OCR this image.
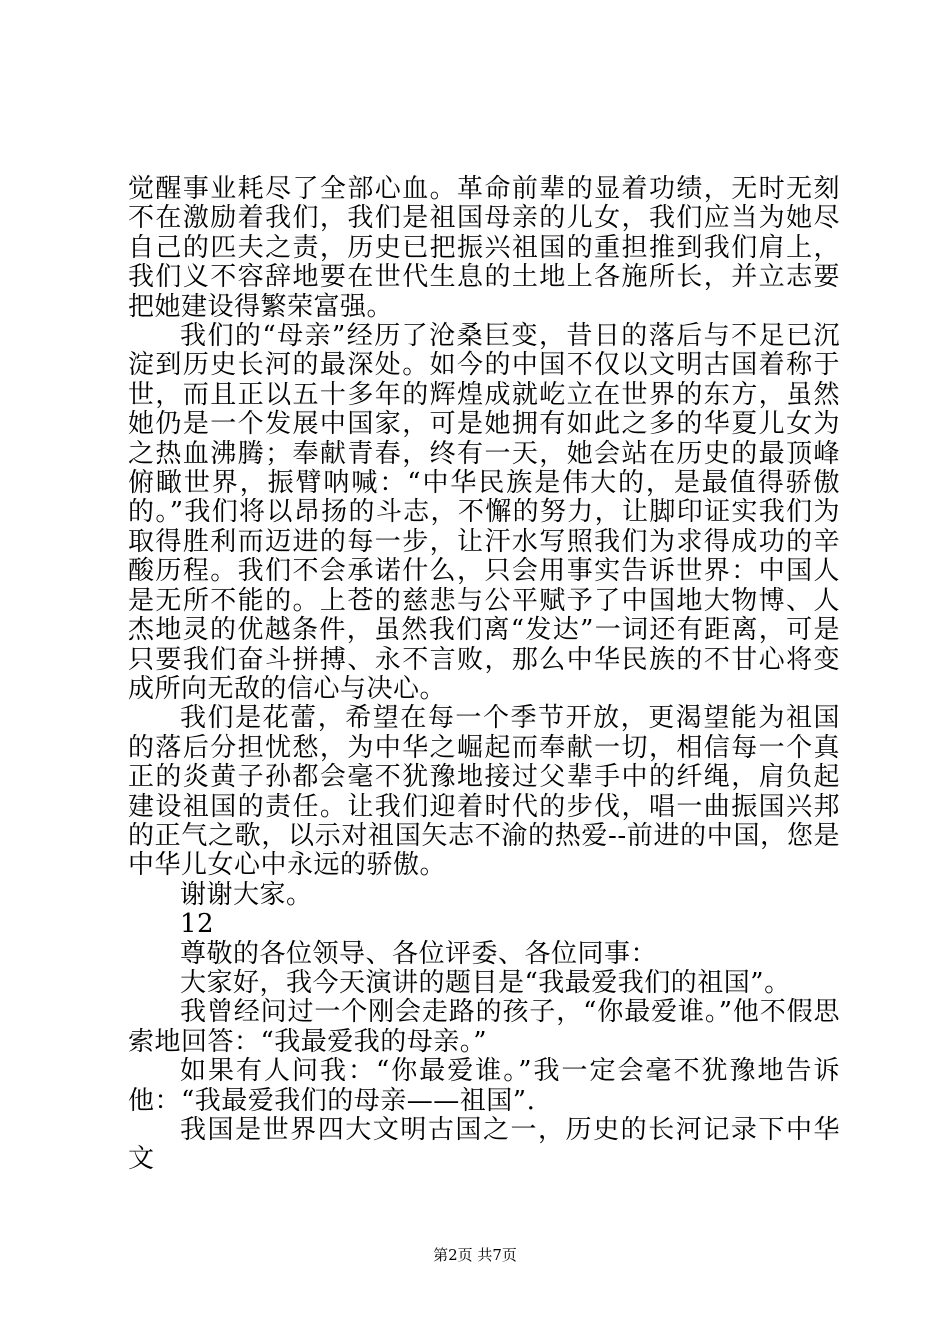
觉醒事业耗尽了全部心血。革命前辈的显着功绩，无时无刻不在激励着我们，我们是祖国母亲的儿女，我们应当为她尽自己的匹夫之责，历史已把振兴祖国的重担推到我们肩上，我们义不容辞地要在世代生息的土地上各施所长，并立志要把她建设得繁荣富强。

我们的“母亲”经历了沧桑巨变，昔日的落后与不足已沉淀到历史长河的最深处。如今的中国不仅以文明古国着称于世，而且正以五十多年的辉煌成就屹立在世界的东方，虽然她仍是一个发展中国家，可是她拥有如此之多的华夏儿女为之热血沸腾；奉献青春，终有一天，她会站在历史的最顶峰俯瞰世界，振臂呐喊：“中华民族是伟大的，是最值得骄傲的。”我们将以昂扬的斗志，不懈的努力，让脚印证实我们为取得胜利而迈进的每一步，让汗水写照我们为求得成功的辛酸历程。我们不会承诺什么，只会用事实告诉世界：中国人是无所不能的。上苍的慈悲与公平赋予了中国地大物博、人杰地灵的优越条件，虽然我们离“发达”一词还有距离，可是只要我们奋斗拼搏、永不言败，那么中华民族的不甘心将变成所向无敌的信心与决心。

我们是花蕾，希望在每一个季节开放，更渴望能为祖国的落后分担忧愁，为中华之崛起而奉献一切，相信每一个真正的炎黄子孙都会毫不犹豫地接过父辈手中的纤绳，肩负起建设祖国的责任。让我们迎着时代的步伐，唱一曲振国兴邦的正气之歌，以示对祖国矢志不渝的热爱--前进的中国，您是中华儿女心中永远的骄傲。

谢谢大家。

12

尊敬的各位领导、各位评委、各位同事：

大家好，我今天演讲的题目是“我最爱我们的祖国”。

我曾经问过一个刚会走路的孩子，“你最爱谁。”他不假思索地回答：“我最爱我的母亲。”

如果有人问我：“你最爱谁。”我一定会毫不犹豫地告诉他：“我最爱我们的母亲——祖国”.

我国是世界四大文明古国之一，历史的长河记录下中华文

第2页 共7页
